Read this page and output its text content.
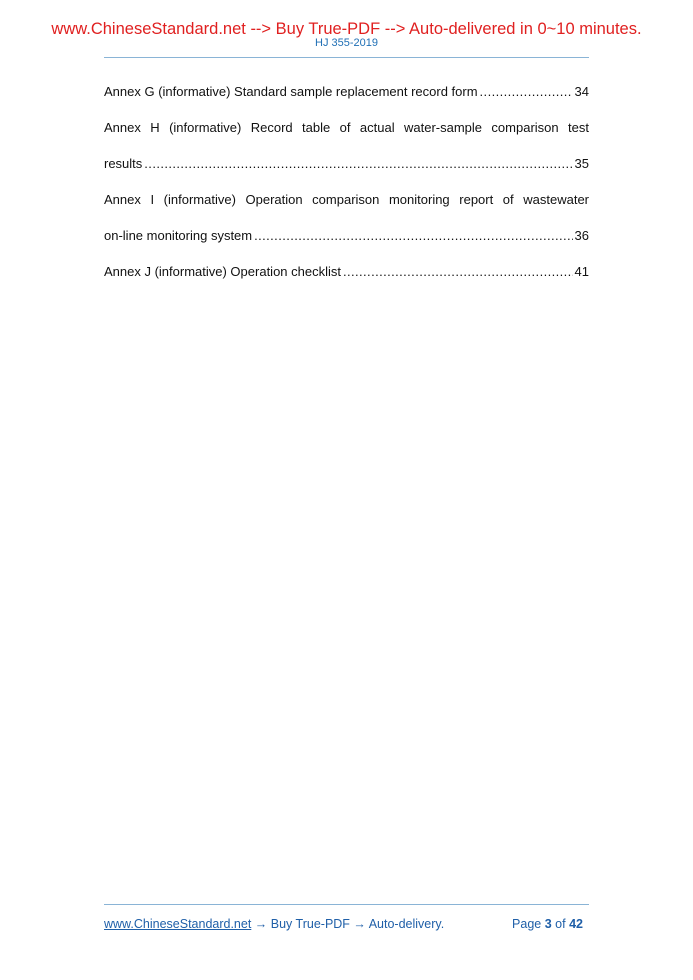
www.ChineseStandard.net --> Buy True-PDF --> Auto-delivered in 0~10 minutes.
HJ 355-2019
Annex G (informative) Standard sample replacement record form .....	34
Annex H (informative) Record table of actual water-sample comparison test
results .....	35
Annex I (informative) Operation comparison monitoring report of wastewater
on-line monitoring system .....	36
Annex J (informative) Operation checklist .....	41
www.ChineseStandard.net → Buy True-PDF → Auto-delivery.	Page 3 of 42
